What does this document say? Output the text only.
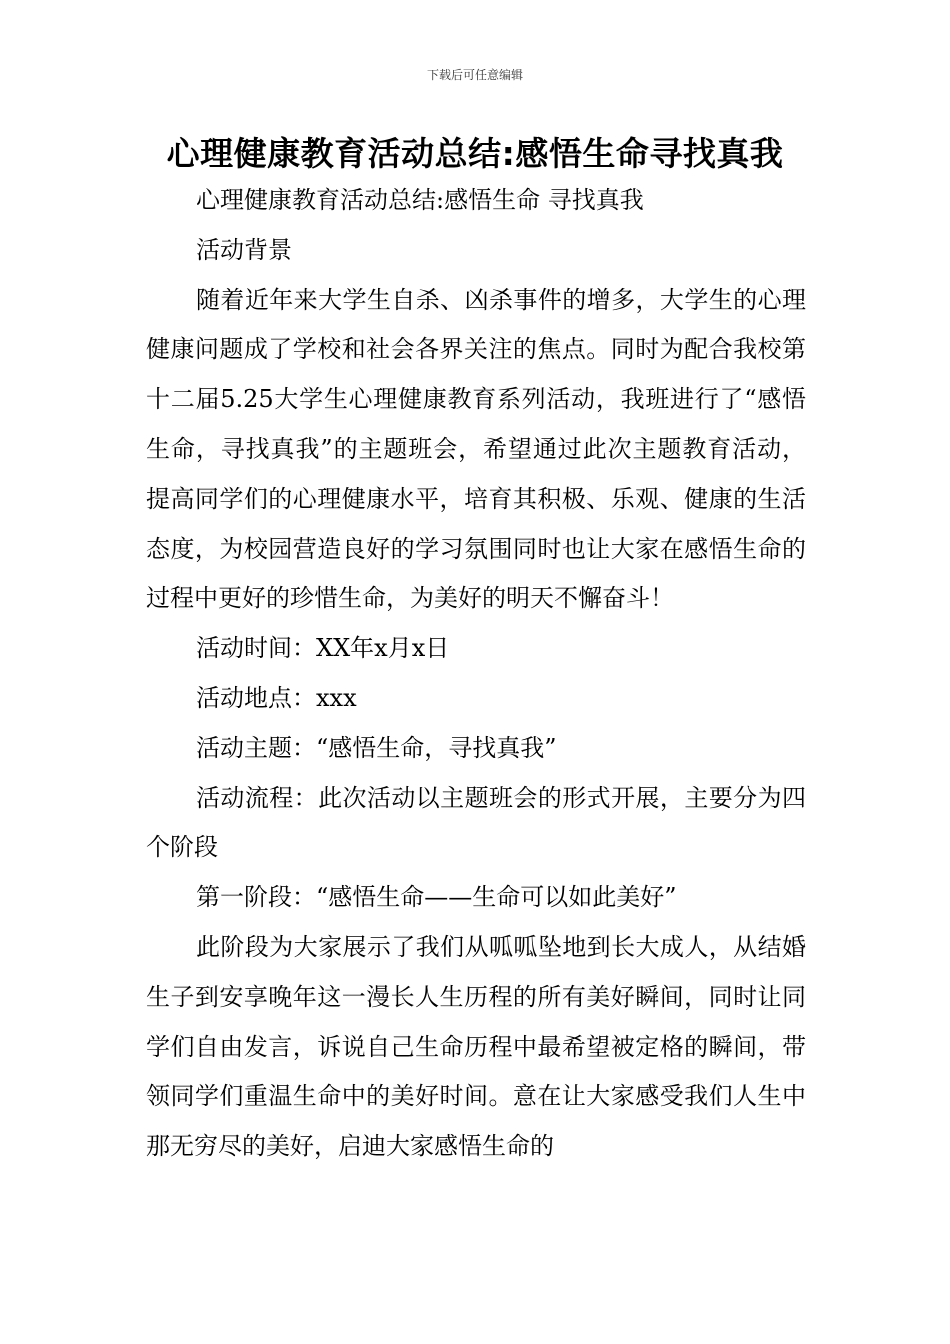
下载后可任意编辑
心理健康教育活动总结:感悟生命寻找真我

心理健康教育活动总结:感悟生命 寻找真我

活动背景

随着近年来大学生自杀、凶杀事件的增多，大学生的心理健康问题成了学校和社会各界关注的焦点。同时为配合我校第十二届5.25大学生心理健康教育系列活动，我班进行了“感悟生命，寻找真我”的主题班会，希望通过此次主题教育活动，提高同学们的心理健康水平，培育其积极、乐观、健康的生活态度，为校园营造良好的学习氛围同时也让大家在感悟生命的过程中更好的珍惜生命，为美好的明天不懈奋斗！

活动时间：XX年x月x日

活动地点：xxx

活动主题：“感悟生命，寻找真我”

活动流程：此次活动以主题班会的形式开展，主要分为四个阶段

第一阶段：“感悟生命——生命可以如此美好”

此阶段为大家展示了我们从呱呱坠地到长大成人，从结婚生子到安享晚年这一漫长人生历程的所有美好瞬间，同时让同学们自由发言，诉说自己生命历程中最希望被定格的瞬间，带领同学们重温生命中的美好时间。意在让大家感受我们人生中那无穷尽的美好，启迪大家感悟生命的
